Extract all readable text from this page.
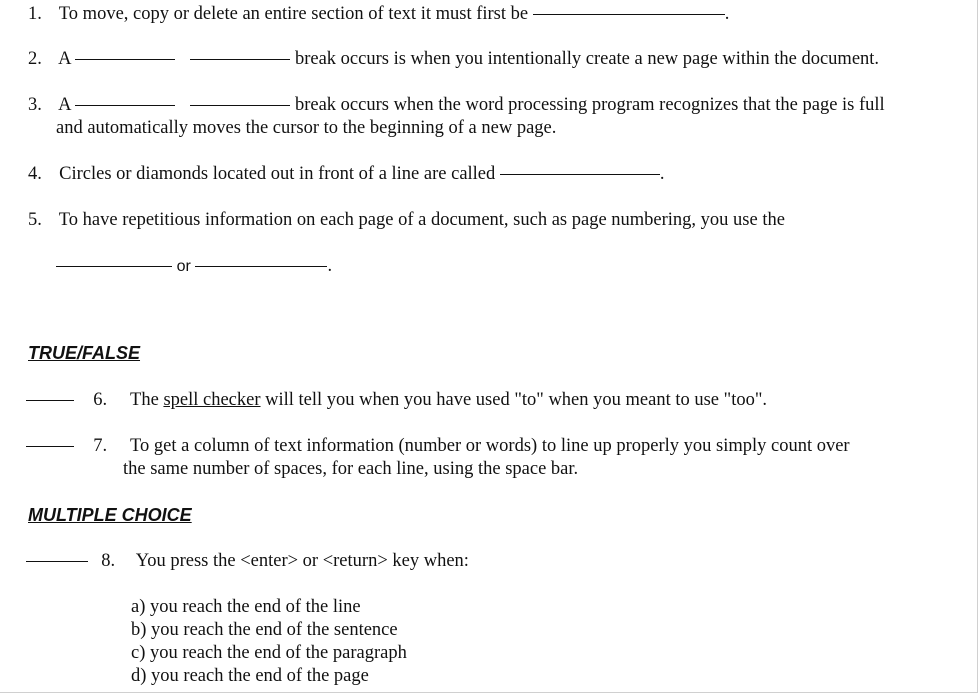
1. To move, copy or delete an entire section of text it must first be	.
2. A	break occurs is when you intentionally create a new page within the document.
3. A	break occurs when the word processing program recognizes that the page is full
and automatically moves the cursor to the beginning of a new page.
4. Circles or diamonds located out in front of a line are called	.
5. To have repetitious information on each page of a document, such as page numbering, you use the
or	.
TRUE/FALSE
6. The spell checker will tell you when you have used "to" when you meant to use "too".
7. To get a column of text information (number or words) to line up properly you simply count over
the same number of spaces, for each line, using the space bar.
MULTIPLE CHOICE
8. You press the <enter> or <return> key when:
a) you reach the end of the line
b) you reach the end of the sentence
c) you reach the end of the paragraph
d) you reach the end of the page
